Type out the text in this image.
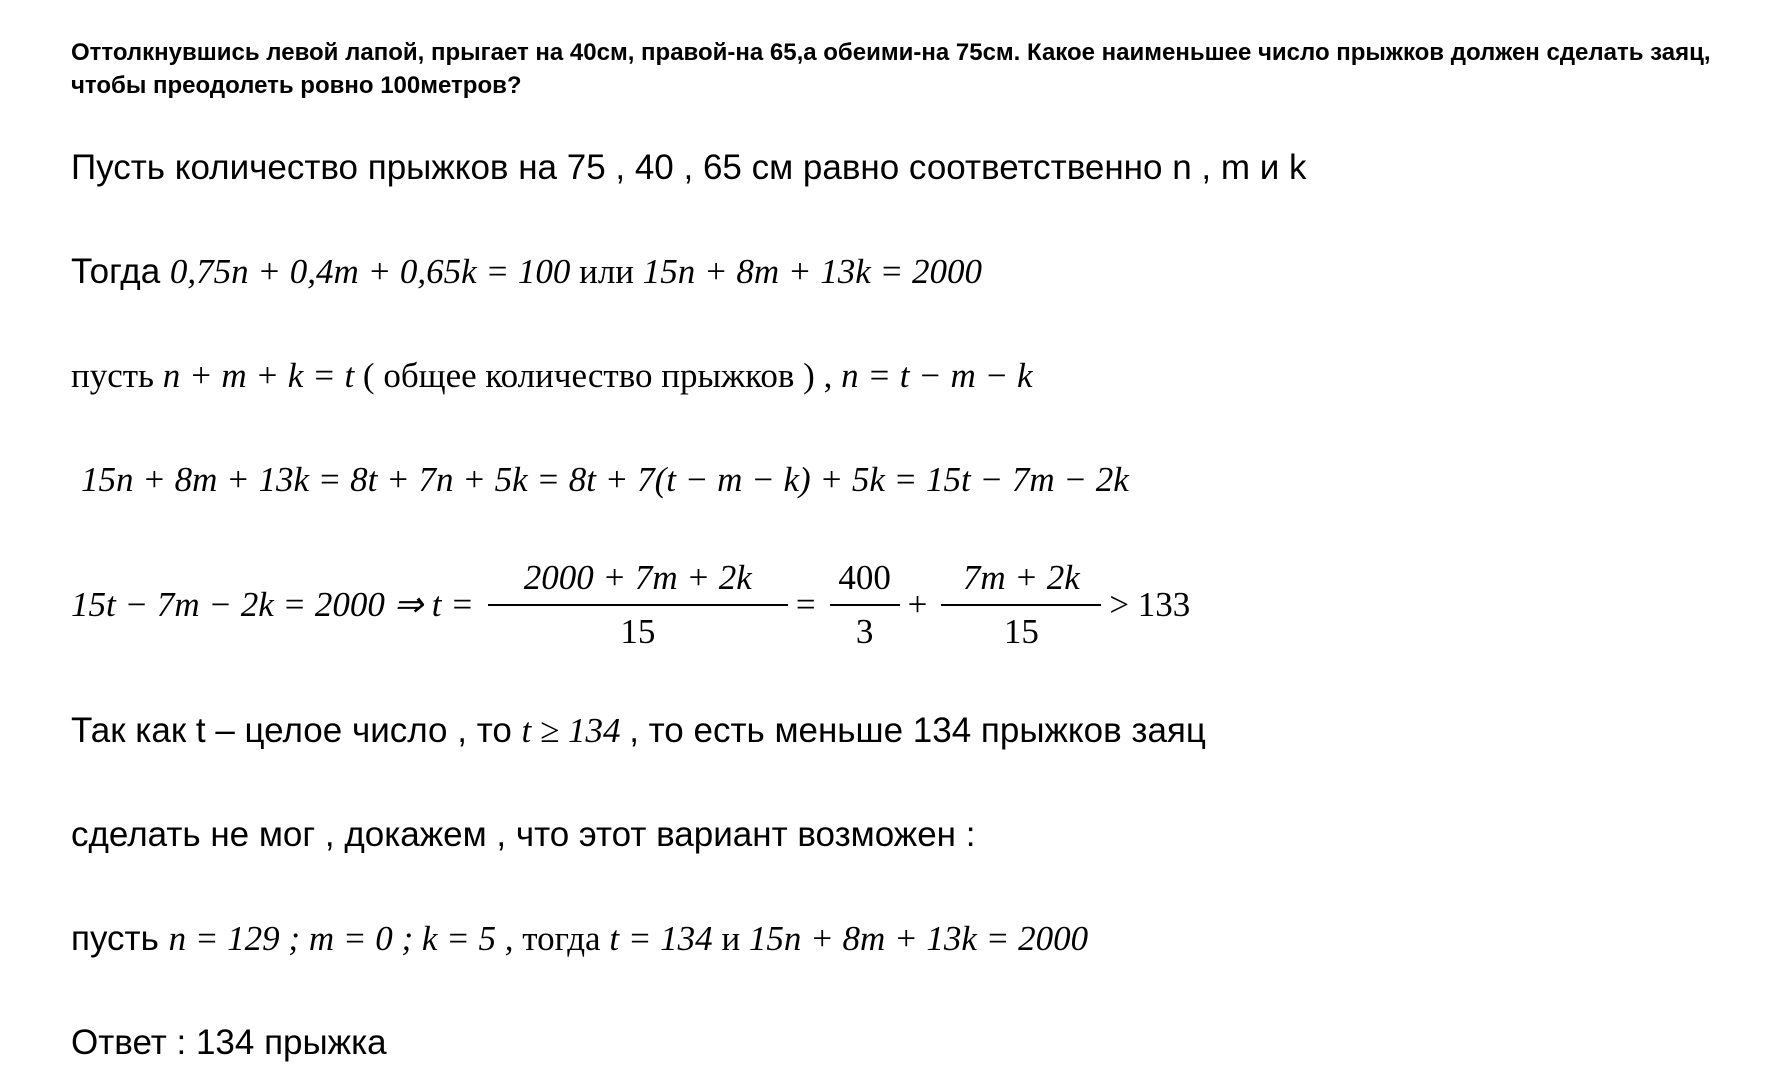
Оттолкнувшись левой лапой, прыгает на 40см, правой-на 65,а обеими-на 75см. Какое наименьшее число прыжков должен сделать заяц, чтобы преодолеть ровно 100метров?
Пусть количество прыжков на 75 , 40 , 65 см равно соответственно n , m и k
Тогда 0,75n + 0,4m + 0,65k = 100 или 15n + 8m + 13k = 2000
пусть n + m + k = t ( общее количество прыжков ) , n = t − m − k
15n + 8m + 13k = 8t + 7n + 5k = 8t + 7(t − m − k) + 5k = 15t − 7m − 2k
15t − 7m − 2k = 2000 ⇒ $t = \frac{2000 + 7m + 2k}{15} = \frac{400}{3} + \frac{7m + 2k}{15} > 133$
Так как t – целое число , то t ≥ 134 , то есть меньше 134 прыжков заяц
сделать не мог , докажем , что этот вариант возможен :
пусть n = 129 ; m = 0 ; k = 5 , тогда t = 134 и 15n + 8m + 13k = 2000
Ответ : 134 прыжка
